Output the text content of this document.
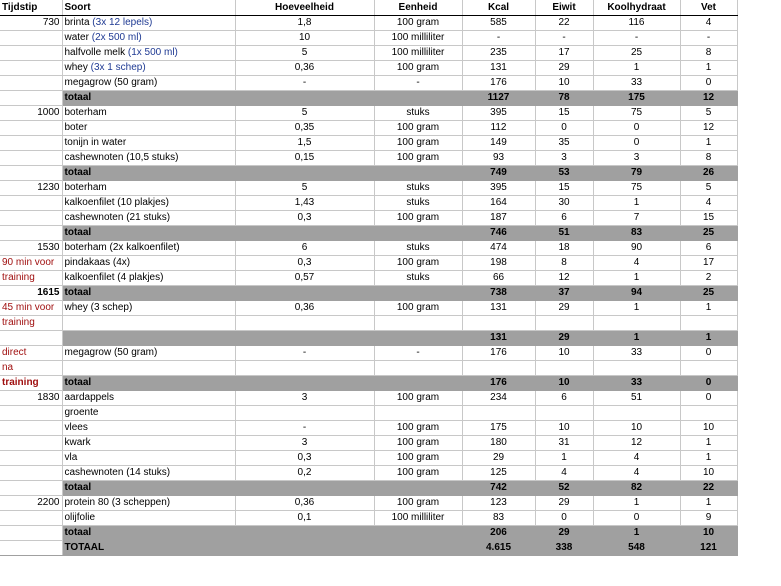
Tijdstip	Soort	Hoeveelheid	Eenheid	Kcal	Eiwit	Koolhydraat	Vet
730	brinta (3x 12 lepels)	1,8	100 gram	585	22	116	4
	water (2x 500 ml)	10	100 milliliter	-	-	-	-
	halfvolle melk (1x 500 ml)	5	100 milliliter	235	17	25	8
	whey (3x 1 schep)	0,36	100 gram	131	29	1	1
	megagrow (50 gram)	-	-	176	10	33	0
	totaal			1127	78	175	12
1000	boterham	5	stuks	395	15	75	5
	boter	0,35	100 gram	112	0	0	12
	tonijn in water	1,5	100 gram	149	35	0	1
	cashewnoten (10,5 stuks)	0,15	100 gram	93	3	3	8
	totaal			749	53	79	26
1230	boterham	5	stuks	395	15	75	5
	kalkoenfilet (10 plakjes)	1,43	stuks	164	30	1	4
	cashewnoten (21 stuks)	0,3	100 gram	187	6	7	15
	totaal			746	51	83	25
1530	boterham (2x kalkoenfilet)	6	stuks	474	18	90	6
90 min voor	pindakaas (4x)	0,3	100 gram	198	8	4	17
training	kalkoenfilet (4 plakjes)	0,57	stuks	66	12	1	2
1615	totaal			738	37	94	25
45 min voor	whey (3 schep)	0,36	100 gram	131	29	1	1
training							
				131	29	1	1
direct	megagrow (50 gram)	-	-	176	10	33	0
na							
training	totaal			176	10	33	0
1830	aardappels	3	100 gram	234	6	51	0
	groente						
	vlees	-	100 gram	175	10	10	10
	kwark	3	100 gram	180	31	12	1
	vla	0,3	100 gram	29	1	4	1
	cashewnoten (14 stuks)	0,2	100 gram	125	4	4	10
	totaal			742	52	82	22
2200	protein 80 (3 scheppen)	0,36	100 gram	123	29	1	1
	olijfolie	0,1	100 milliliter	83	0	0	9
	totaal			206	29	1	10
	TOTAAL			4.615	338	548	121
